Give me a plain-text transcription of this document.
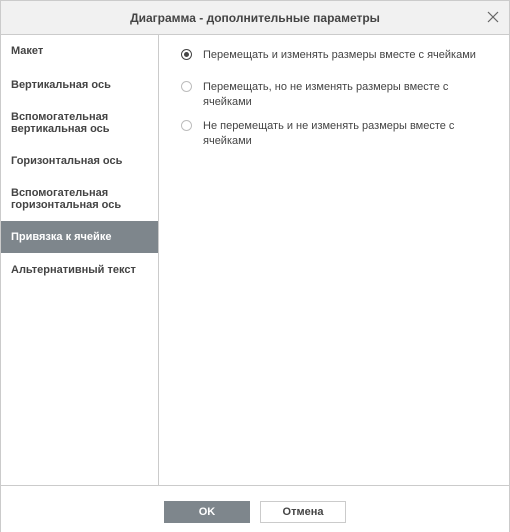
Диаграмма - дополнительные параметры
Макет
Вертикальная ось
Вспомогательная вертикальная ось
Горизонтальная ось
Вспомогательная горизонтальная ось
Привязка к ячейке
Альтернативный текст
Перемещать и изменять размеры вместе с ячейками
Перемещать, но не изменять размеры вместе с ячейками
Не перемещать и не изменять размеры вместе с ячейками
OK	Отмена
